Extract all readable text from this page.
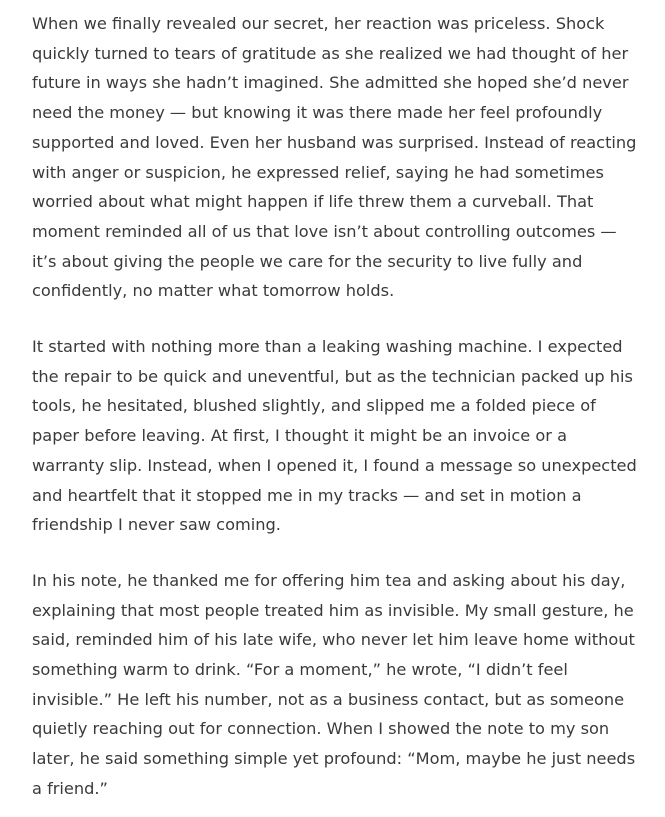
When we finally revealed our secret, her reaction was priceless. Shock quickly turned to tears of gratitude as she realized we had thought of her future in ways she hadn’t imagined. She admitted she hoped she’d never need the money — but knowing it was there made her feel profoundly supported and loved. Even her husband was surprised. Instead of reacting with anger or suspicion, he expressed relief, saying he had sometimes worried about what might happen if life threw them a curveball. That moment reminded all of us that love isn’t about controlling outcomes — it’s about giving the people we care for the security to live fully and confidently, no matter what tomorrow holds.

It started with nothing more than a leaking washing machine. I expected the repair to be quick and uneventful, but as the technician packed up his tools, he hesitated, blushed slightly, and slipped me a folded piece of paper before leaving. At first, I thought it might be an invoice or a warranty slip. Instead, when I opened it, I found a message so unexpected and heartfelt that it stopped me in my tracks — and set in motion a friendship I never saw coming.

In his note, he thanked me for offering him tea and asking about his day, explaining that most people treated him as invisible. My small gesture, he said, reminded him of his late wife, who never let him leave home without something warm to drink. “For a moment,” he wrote, “I didn’t feel invisible.” He left his number, not as a business contact, but as someone quietly reaching out for connection. When I showed the note to my son later, he said something simple yet profound: “Mom, maybe he just needs a friend.”
